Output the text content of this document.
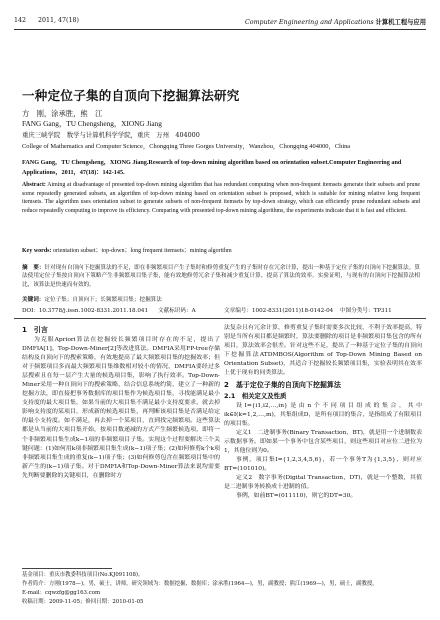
142 2011, 47(18)	Computer Engineering and Applications 计算机工程与应用
一种定位子集的自顶向下挖掘算法研究
方　刚，涂承胜，熊　江
FANG Gang，TU Chengsheng，XIONG Jiang
重庆三峡学院　数学与计算机科学学院，重庆　万州　404000
College of Mathematics and Computer Science，Chongqing Three Gorges University，Wanzhou，Chongqing 404000，China
FANG Gang，TU Chengsheng，XIONG Jiang.Research of top-down mining algorithm based on orientation subset.Computer Engineering and Applications，2011，47(18)：142-145.
Abstract: Aiming at disadvantage of presented top-down mining algorithm that has redundant computing when non-frequent itemsets generate their subsets and prune some repeatedly generated subsets, an algorithm of top-down mining based on orientation subset is proposed, which is suitable for mining relative long frequent itemsets. The algorithm uses orientation subset to generate subsets of non-frequent itemsets by top-down strategy, which can efficiently prune redundant subsets and reduce repeatedly computing to improve its efficiency. Comparing with presented top-down mining algorithms, the experiments indicate that it is fast and efficient.
Key words: orientation subset；top-down；long frequent itemsets；mining algorithm
摘　要：针对现有自顶向下挖掘算法的不足，即在非频繁项目产生子集时和修剪重复产生的子集时存在冗余计算，提出一种基于定位子集的自顶向下挖掘算法。算法使用定位子集按自顶向下策略产生非频繁项目集子集，能有效地修剪冗余子集和减少重复计算，提高了算法的效率。实验证明，与现有的自顶向下挖掘算法相比，该算法是快速而有效的。
关键词：定位子集；自顶向下；长频繁项目集；挖掘算法
DOI：10.3778/j.issn.1002-8331.2011.18.041 文献标识码：A	文章编号：1002-8331(2011)18-0142-04 中图分类号：TP311
1　引言

为克服Apriori算法在挖掘较长频繁项目时存在的不足，提出了DMFIA[1]、Top-Down-Miner[2]等改进算法。DMFIA采用FP-tree存储结构及自顶向下的搜索策略，有效地提高了最大频繁项目集的挖掘效率；但对于频繁项目多而最大频繁项目集维数相对较小的情况，DMFIA要经过多层搜索且在每一层产生大量的候选项目集，影响了执行效率。Top-Down-Miner采用一种自顶向下的搜索策略，结合信息系统约简，建立了一种新的挖掘方法，即直接把事务数据库的项目集作为候选项目集，寻找能满足最小支持度的最大项目集，如果当前的大项目集不满足最小支持度要求，就去掉影响支持度的某项目，形成新的候选项目集，再判断该项目集是否满足给定的最小支持度。如不满足，再去掉一个某项目，直到找完频繁项。这些算法都是从当前的大项目集开始，按项目数递减的方式产生频繁候选项，即将一个非频繁项目集生成k−1项的非频繁项目子集。实现这个过程要解决三个关键问题：(1)如何用k项非频繁项目集生成(k−1)项子集；(2)如何修剪k个k项非频繁项目集生成的重复(k−1)项子集；(3)如何修剪包含在频繁项目集中的新产生的(k−1)项子集。对于DMFIA和Top-Down-Miner算法来说均需要先判断要删除的关键项目，在删除时方

法复杂且有冗余计算，修剪重复子集时需要多次比较，不利于效率提高，特别是当所有项目都是频繁时，算法要删除的项目是非频繁项目集包含的所有项目，算法效率会很差。针对这些不足，提出了一种基于定位子集的自顶向下挖掘算法ATDMBOS(Algorithm of Top-Down Mining Based on Orientation Subset)，其适合于挖掘较长频繁项目集，实验表明其在效率上优于现有的同类算法。

2　基于定位子集的自顶向下挖掘算法
2.1　相关定义及性质

设I={i1,i2,…,in}是由n个不同项目组成的集合，其中ik∈I(k=1,2,…,m)，其集组成D，是所有项目的集合，是指组成了有限项目的项目集。

定义1　二进制事务(Binary Transaction，BT)，就是用一个进制数表示数据事务。即如果一个事务中包含某些项目，则这些项目对应位二进位为1，其他位则为0。

事例，项目集I={1,2,3,4,5,6}，若一个事务T为{1,3,5}，则对应BT=(101010)。

定义2　数字事务(Digital Transaction，DT)，就是一个整数，其值是二进制事务转换成十进制的值。

事例，如前BT=(011110)，则它的DT=30。

基金项目：重庆市教委科技项目(No.KJ091108)。
作者简介：方刚(1978—)，男，硕士，讲师，研究领域为：数据挖掘、数据库；涂承胜(1964—)，男，副教授；熊江(1969—)，男，硕士，副教授。
E-mail：cqwzfg@gg163.com
收稿日期：2009-11-05；修回日期：2010-01-05
